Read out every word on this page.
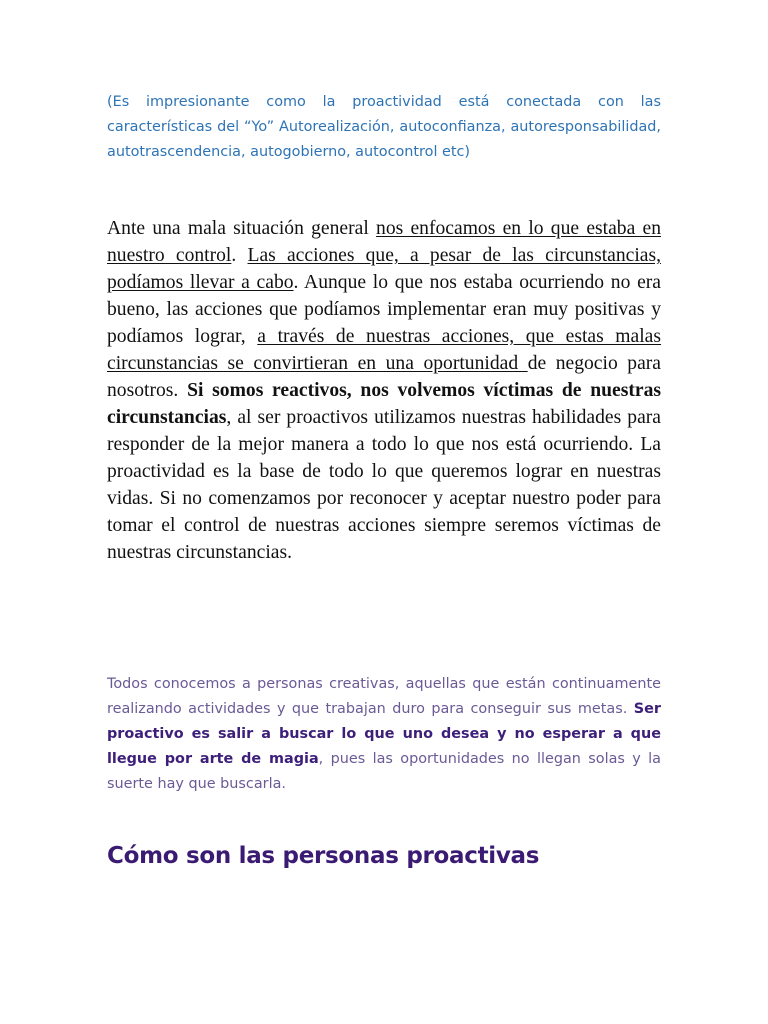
(Es impresionante como la proactividad está conectada con las características del “Yo” Autorealización, autoconfianza, autoresponsabilidad, autotrascendencia, autogobierno, autocontrol etc)

Ante una mala situación general nos enfocamos en lo que estaba en nuestro control. Las acciones que, a pesar de las circunstancias, podíamos llevar a cabo. Aunque lo que nos estaba ocurriendo no era bueno, las acciones que podíamos implementar eran muy positivas y podíamos lograr, a través de nuestras acciones, que estas malas circunstancias se convirtieran en una oportunidad de negocio para nosotros. Si somos reactivos, nos volvemos víctimas de nuestras circunstancias, al ser proactivos utilizamos nuestras habilidades para responder de la mejor manera a todo lo que nos está ocurriendo. La proactividad es la base de todo lo que queremos lograr en nuestras vidas. Si no comenzamos por reconocer y aceptar nuestro poder para tomar el control de nuestras acciones siempre seremos víctimas de nuestras circunstancias.

Todos conocemos a personas creativas, aquellas que están continuamente realizando actividades y que trabajan duro para conseguir sus metas. Ser proactivo es salir a buscar lo que uno desea y no esperar a que llegue por arte de magia, pues las oportunidades no llegan solas y la suerte hay que buscarla.

Cómo son las personas proactivas
